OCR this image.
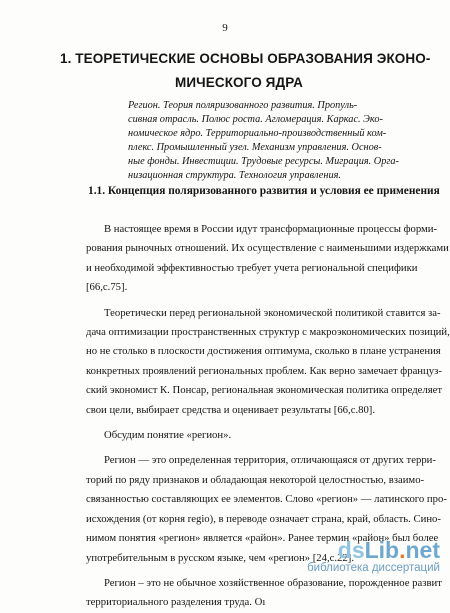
9
1. ТЕОРЕТИЧЕСКИЕ ОСНОВЫ ОБРАЗОВАНИЯ ЭКОНО-
МИЧЕСКОГО ЯДРА
Регион. Теория поляризованного развития. Пропуль-
сивная отрасль. Полюс роста. Агломерация. Каркас. Эко-
номическое ядро. Территориально-производственный ком-
плекс. Промышленный узел. Механизм управления. Основ-
ные фонды. Инвестиции. Трудовые ресурсы. Миграция. Орга-
низационная структура. Технология управления.
1.1. Концепция поляризованного развития и условия ее применения

В настоящее время в России идут трансформационные процессы форми-
рования рыночных отношений. Их осуществление с наименьшими издержками
и необходимой эффективностью требует учета региональной специфики
[66,с.75].

Теоретически перед региональной экономической политикой ставится за-
дача оптимизации пространственных структур с макроэкономических позиций,
но не столько в плоскости достижения оптимума, сколько в плане устранения
конкретных проявлений региональных проблем. Как верно замечает француз-
ский экономист К. Понсар, региональная экономическая политика определяет
свои цели, выбирает средства и оценивает результаты [66,с.80].

Обсудим понятие «регион».

Регион — это определенная территория, отличающаяся от других терри-
торий по ряду признаков и обладающая некоторой целостностью, взаимо-
связанностью составляющих ее элементов. Слово «регион» — латинского про-
исхождения (от корня regio), в переводе означает страна, край, область. Сино-
нимом понятия «регион» является «район». Ранее термин «район» был более
употребительным в русском языке, чем «регион» [24,с.22].

Регион – это не обычное хозяйственное образование, порожденное развит
территориального разделения труда. Оı

ds Lib . net
библиотека диссертаций
